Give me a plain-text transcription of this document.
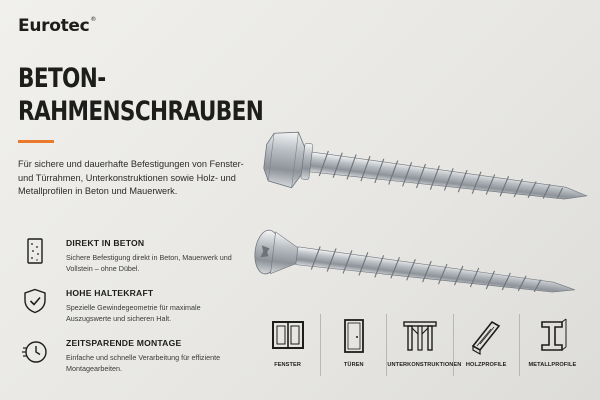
Eurotec®
BETON-
RAHMENSCHRAUBEN

Für sichere und dauerhafte Befestigungen von Fenster- und Türrahmen, Unterkonstruktionen sowie Holz- und Metallprofilen in Beton und Mauerwerk.

DIREKT IN BETON
Sichere Befestigung direkt in Beton, Mauerwerk und Vollstein – ohne Dübel.
HOHE HALTEKRAFT
Spezielle Gewindegeometrie für maximale Auszugswerte und sicheren Halt.
ZEITSPARENDE MONTAGE
Einfache und schnelle Verarbeitung für effiziente Montagearbeiten.	FENSTER	TÜREN	UNTERKONSTRUKTIONEN HOLZPROFILE	METALLPROFILE
